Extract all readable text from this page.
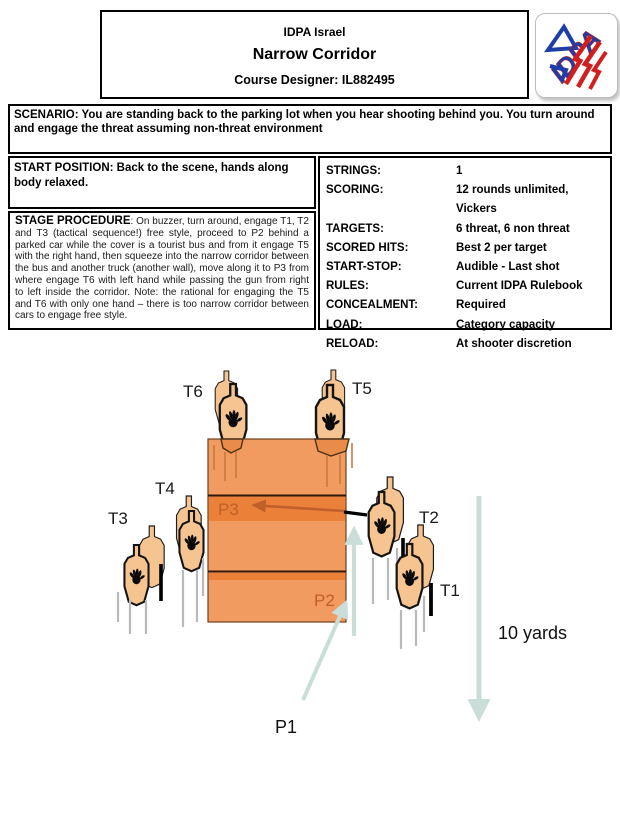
IDPA Israel
Narrow Corridor
Course Designer: IL882495	IDPA
SCENARIO: You are standing back to the parking lot when you hear shooting behind you. You turn around and engage the threat assuming non-threat environment
START POSITION: Back to the scene, hands along body relaxed.
STAGE PROCEDURE: On buzzer, turn around, engage T1, T2 and T3 (tactical sequence!) free style, proceed to P2 behind a parked car while the cover is a tourist bus and from it engage T5 with the right hand, then squeeze into the narrow corridor between the bus and another truck (another wall), move along it to P3 from where engage T6 with left hand while passing the gun from right to left inside the corridor. Note: the rational for engaging the T5 and T6 with only one hand – there is too narrow corridor between cars to engage free style.
STRINGS:	1
SCORING:	12 rounds unlimited, Vickers
TARGETS:	6 threat, 6 non threat
SCORED HITS:	Best 2 per target
START-STOP:	Audible - Last shot
RULES:	Current IDPA Rulebook
CONCEALMENT:	Required
LOAD:	Category capacity
RELOAD:	At shooter discretion
T6	T5
T4
T3	T2
T1
P3
P2
P1
10 yards
